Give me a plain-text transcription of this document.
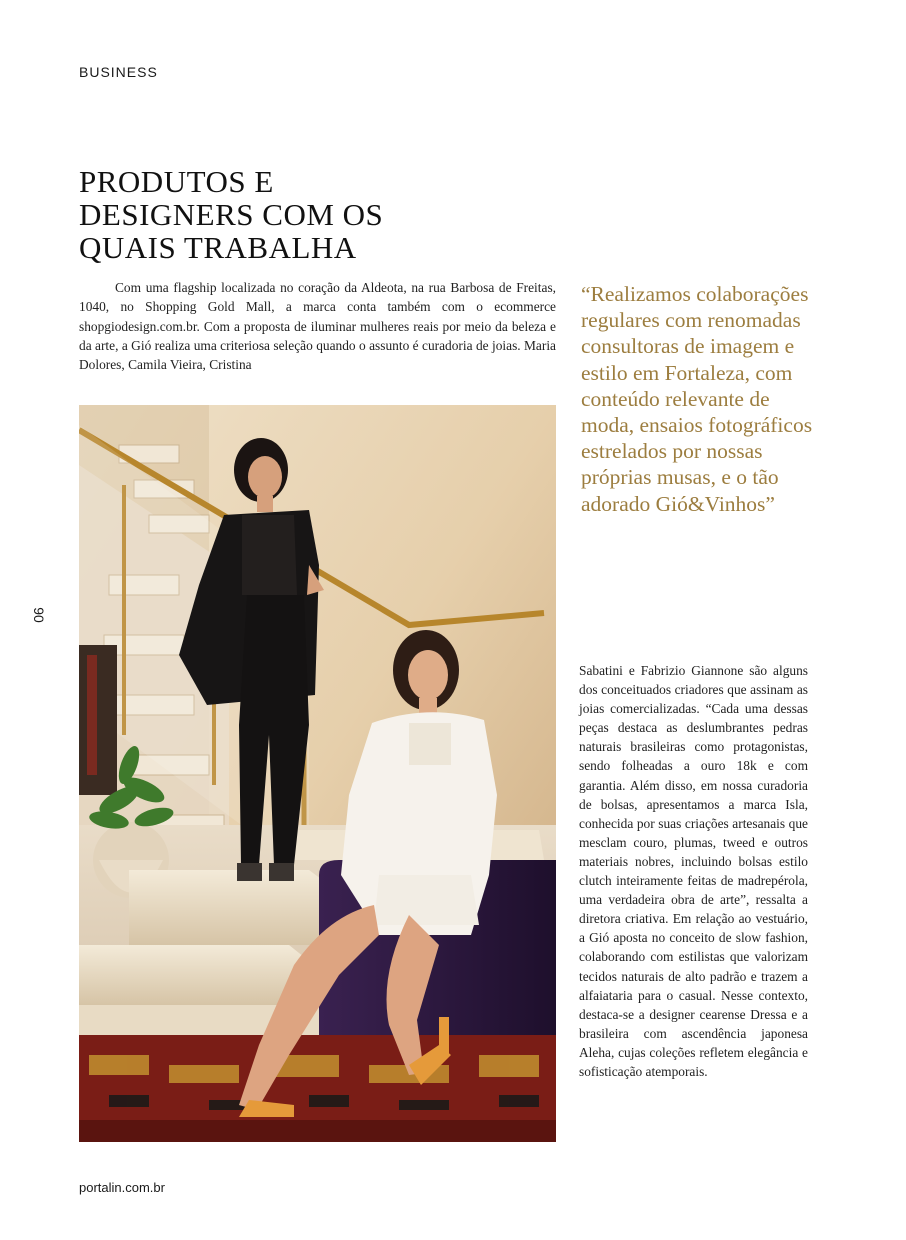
BUSINESS
90
PRODUTOS E
DESIGNERS COM OS
QUAIS TRABALHA

Com uma flagship localizada no coração da Aldeota, na rua Barbosa de Freitas, 1040, no Shopping Gold Mall, a marca conta também com o ecommerce shopgiodesign.com.br. Com a proposta de iluminar mulheres reais por meio da beleza e da arte, a Gió realiza uma criteriosa seleção quando o assunto é curadoria de joias. Maria Dolores, Camila Vieira, Cristina

“Realizamos colaborações regulares com renomadas consultoras de imagem e estilo em Fortaleza, com conteúdo relevante de moda, ensaios fotográficos estrelados por nossas próprias musas, e o tão adorado Gió&Vinhos”

Sabatini e Fabrizio Giannone são alguns dos conceituados criadores que assinam as joias comercializadas. “Cada uma dessas peças destaca as deslumbrantes pedras naturais brasileiras como protagonistas, sendo folheadas a ouro 18k e com garantia. Além disso, em nossa curadoria de bolsas, apresentamos a marca Isla, conhecida por suas criações artesanais que mesclam couro, plumas, tweed e outros materiais nobres, incluindo bolsas estilo clutch inteiramente feitas de madrepérola, uma verdadeira obra de arte”, ressalta a diretora criativa. Em relação ao vestuário, a Gió aposta no conceito de slow fashion, colaborando com estilistas que valorizam tecidos naturais de alto padrão e trazem a alfaiataria para o casual. Nesse contexto, destaca-se a designer cearense Dressa e a brasileira com ascendência japonesa Aleha, cujas coleções refletem elegância e sofisticação atemporais.

portalin.com.br
